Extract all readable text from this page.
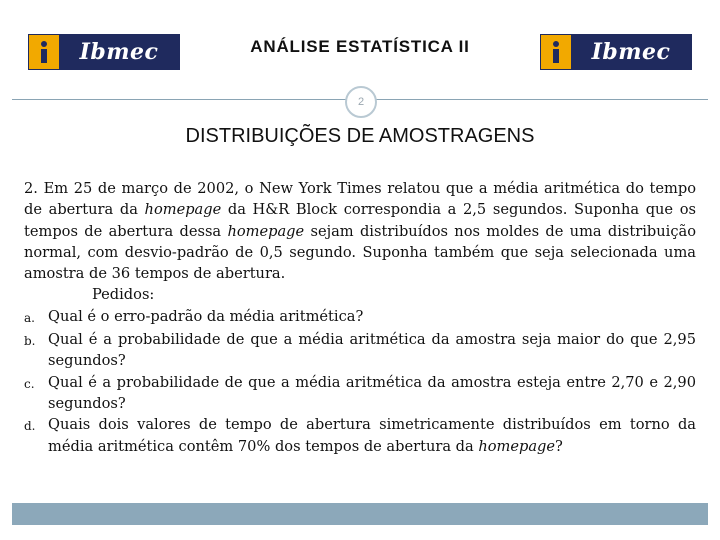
Ibmec	ANÁLISE ESTATÍSTICA II	Ibmec
2
DISTRIBUIÇÕES DE AMOSTRAGENS

2. Em 25 de março de 2002, o New York Times relatou que a média aritmética do tempo de abertura da homepage da H&R Block correspondia a 2,5 segundos. Suponha que os tempos de abertura dessa homepage sejam distribuídos nos moldes de uma distribuição normal, com desvio-padrão de 0,5 segundo. Suponha também que seja selecionada uma amostra de 36 tempos de abertura.

Pedidos:

a. Qual é o erro-padrão da média aritmética?
b. Qual é a probabilidade de que a média aritmética da amostra seja maior do que 2,95 segundos?
c. Qual é a probabilidade de que a média aritmética da amostra esteja entre 2,70 e 2,90 segundos?
d. Quais dois valores de tempo de abertura simetricamente distribuídos em torno da média aritmética contêm 70% dos tempos de abertura da homepage?
